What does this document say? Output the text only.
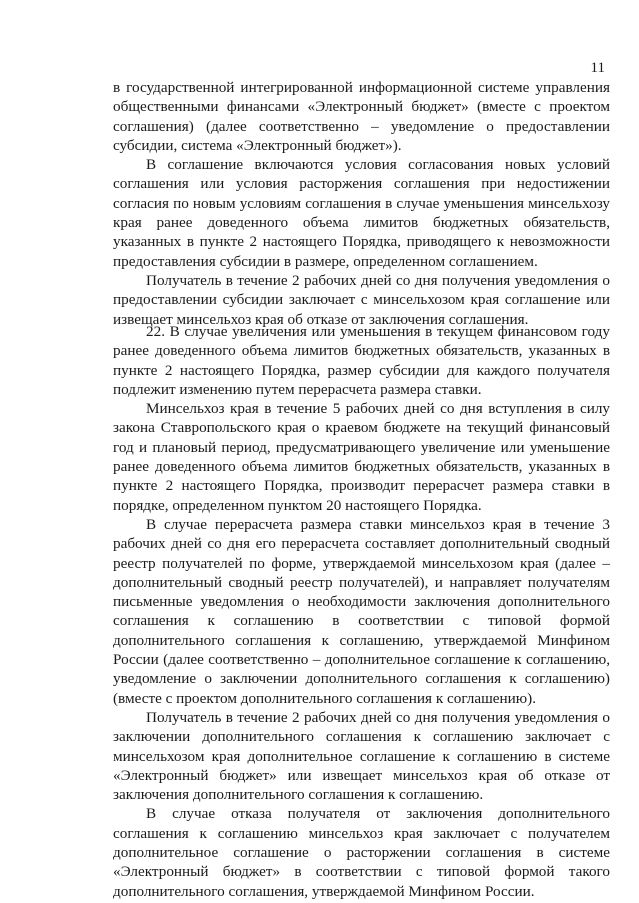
11

в государственной интегрированной информационной системе управления общественными финансами «Электронный бюджет» (вместе с проектом соглашения) (далее соответственно – уведомление о предоставлении субсидии, система «Электронный бюджет»).

В соглашение включаются условия согласования новых условий соглашения или условия расторжения соглашения при недостижении согласия по новым условиям соглашения в случае уменьшения минсельхозу края ранее доведенного объема лимитов бюджетных обязательств, указанных в пункте 2 настоящего Порядка, приводящего к невозможности предоставления субсидии в размере, определенном соглашением.

Получатель в течение 2 рабочих дней со дня получения уведомления о предоставлении субсидии заключает с минсельхозом края соглашение или извещает минсельхоз края об отказе от заключения соглашения.

22. В случае увеличения или уменьшения в текущем финансовом году ранее доведенного объема лимитов бюджетных обязательств, указанных в пункте 2 настоящего Порядка, размер субсидии для каждого получателя подлежит изменению путем перерасчета размера ставки.

Минсельхоз края в течение 5 рабочих дней со дня вступления в силу закона Ставропольского края о краевом бюджете на текущий финансовый год и плановый период, предусматривающего увеличение или уменьшение ранее доведенного объема лимитов бюджетных обязательств, указанных в пункте 2 настоящего Порядка, производит перерасчет размера ставки в порядке, определенном пунктом 20 настоящего Порядка.

В случае перерасчета размера ставки минсельхоз края в течение 3 рабочих дней со дня его перерасчета составляет дополнительный сводный реестр получателей по форме, утверждаемой минсельхозом края (далее – дополнительный сводный реестр получателей), и направляет получателям письменные уведомления о необходимости заключения дополнительного соглашения к соглашению в соответствии с типовой формой дополнительного соглашения к соглашению, утверждаемой Минфином России (далее соответственно – дополнительное соглашение к соглашению, уведомление о заключении дополнительного соглашения к соглашению) (вместе с проектом дополнительного соглашения к соглашению).

Получатель в течение 2 рабочих дней со дня получения уведомления о заключении дополнительного соглашения к соглашению заключает с минсельхозом края дополнительное соглашение к соглашению в системе «Электронный бюджет» или извещает минсельхоз края об отказе от заключения дополнительного соглашения к соглашению.

В случае отказа получателя от заключения дополнительного соглашения к соглашению минсельхоз края заключает с получателем дополнительное соглашение о расторжении соглашения в системе «Электронный бюджет» в соответствии с типовой формой такого дополнительного соглашения, утверждаемой Минфином России.
